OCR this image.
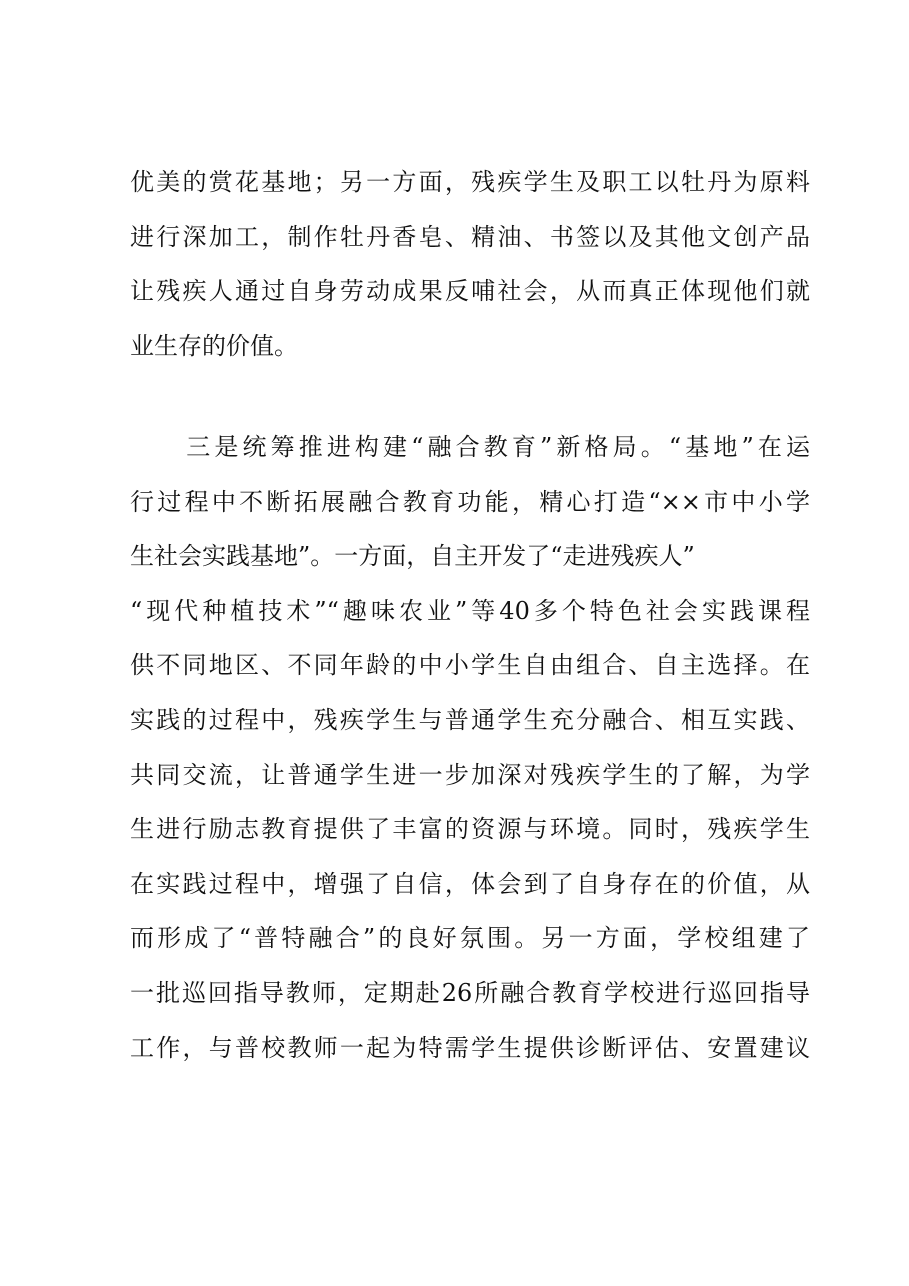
优美的赏花基地；另一方面，残疾学生及职工以牡丹为原料
进行深加工，制作牡丹香皂、精油、书签以及其他文创产品
让残疾人通过自身劳动成果反哺社会，从而真正体现他们就
业生存的价值。
　　三是统筹推进构建“融合教育”新格局。“基地”在运
行过程中不断拓展融合教育功能，精心打造“××市中小学
生社会实践基地”。一方面，自主开发了“走进残疾人”
“现代种植技术”“趣味农业”等40多个特色社会实践课程
供不同地区、不同年龄的中小学生自由组合、自主选择。在
实践的过程中，残疾学生与普通学生充分融合、相互实践、
共同交流，让普通学生进一步加深对残疾学生的了解，为学
生进行励志教育提供了丰富的资源与环境。同时，残疾学生
在实践过程中，增强了自信，体会到了自身存在的价值，从
而形成了“普特融合”的良好氛围。另一方面，学校组建了
一批巡回指导教师，定期赴26所融合教育学校进行巡回指导
工作，与普校教师一起为特需学生提供诊断评估、安置建议
